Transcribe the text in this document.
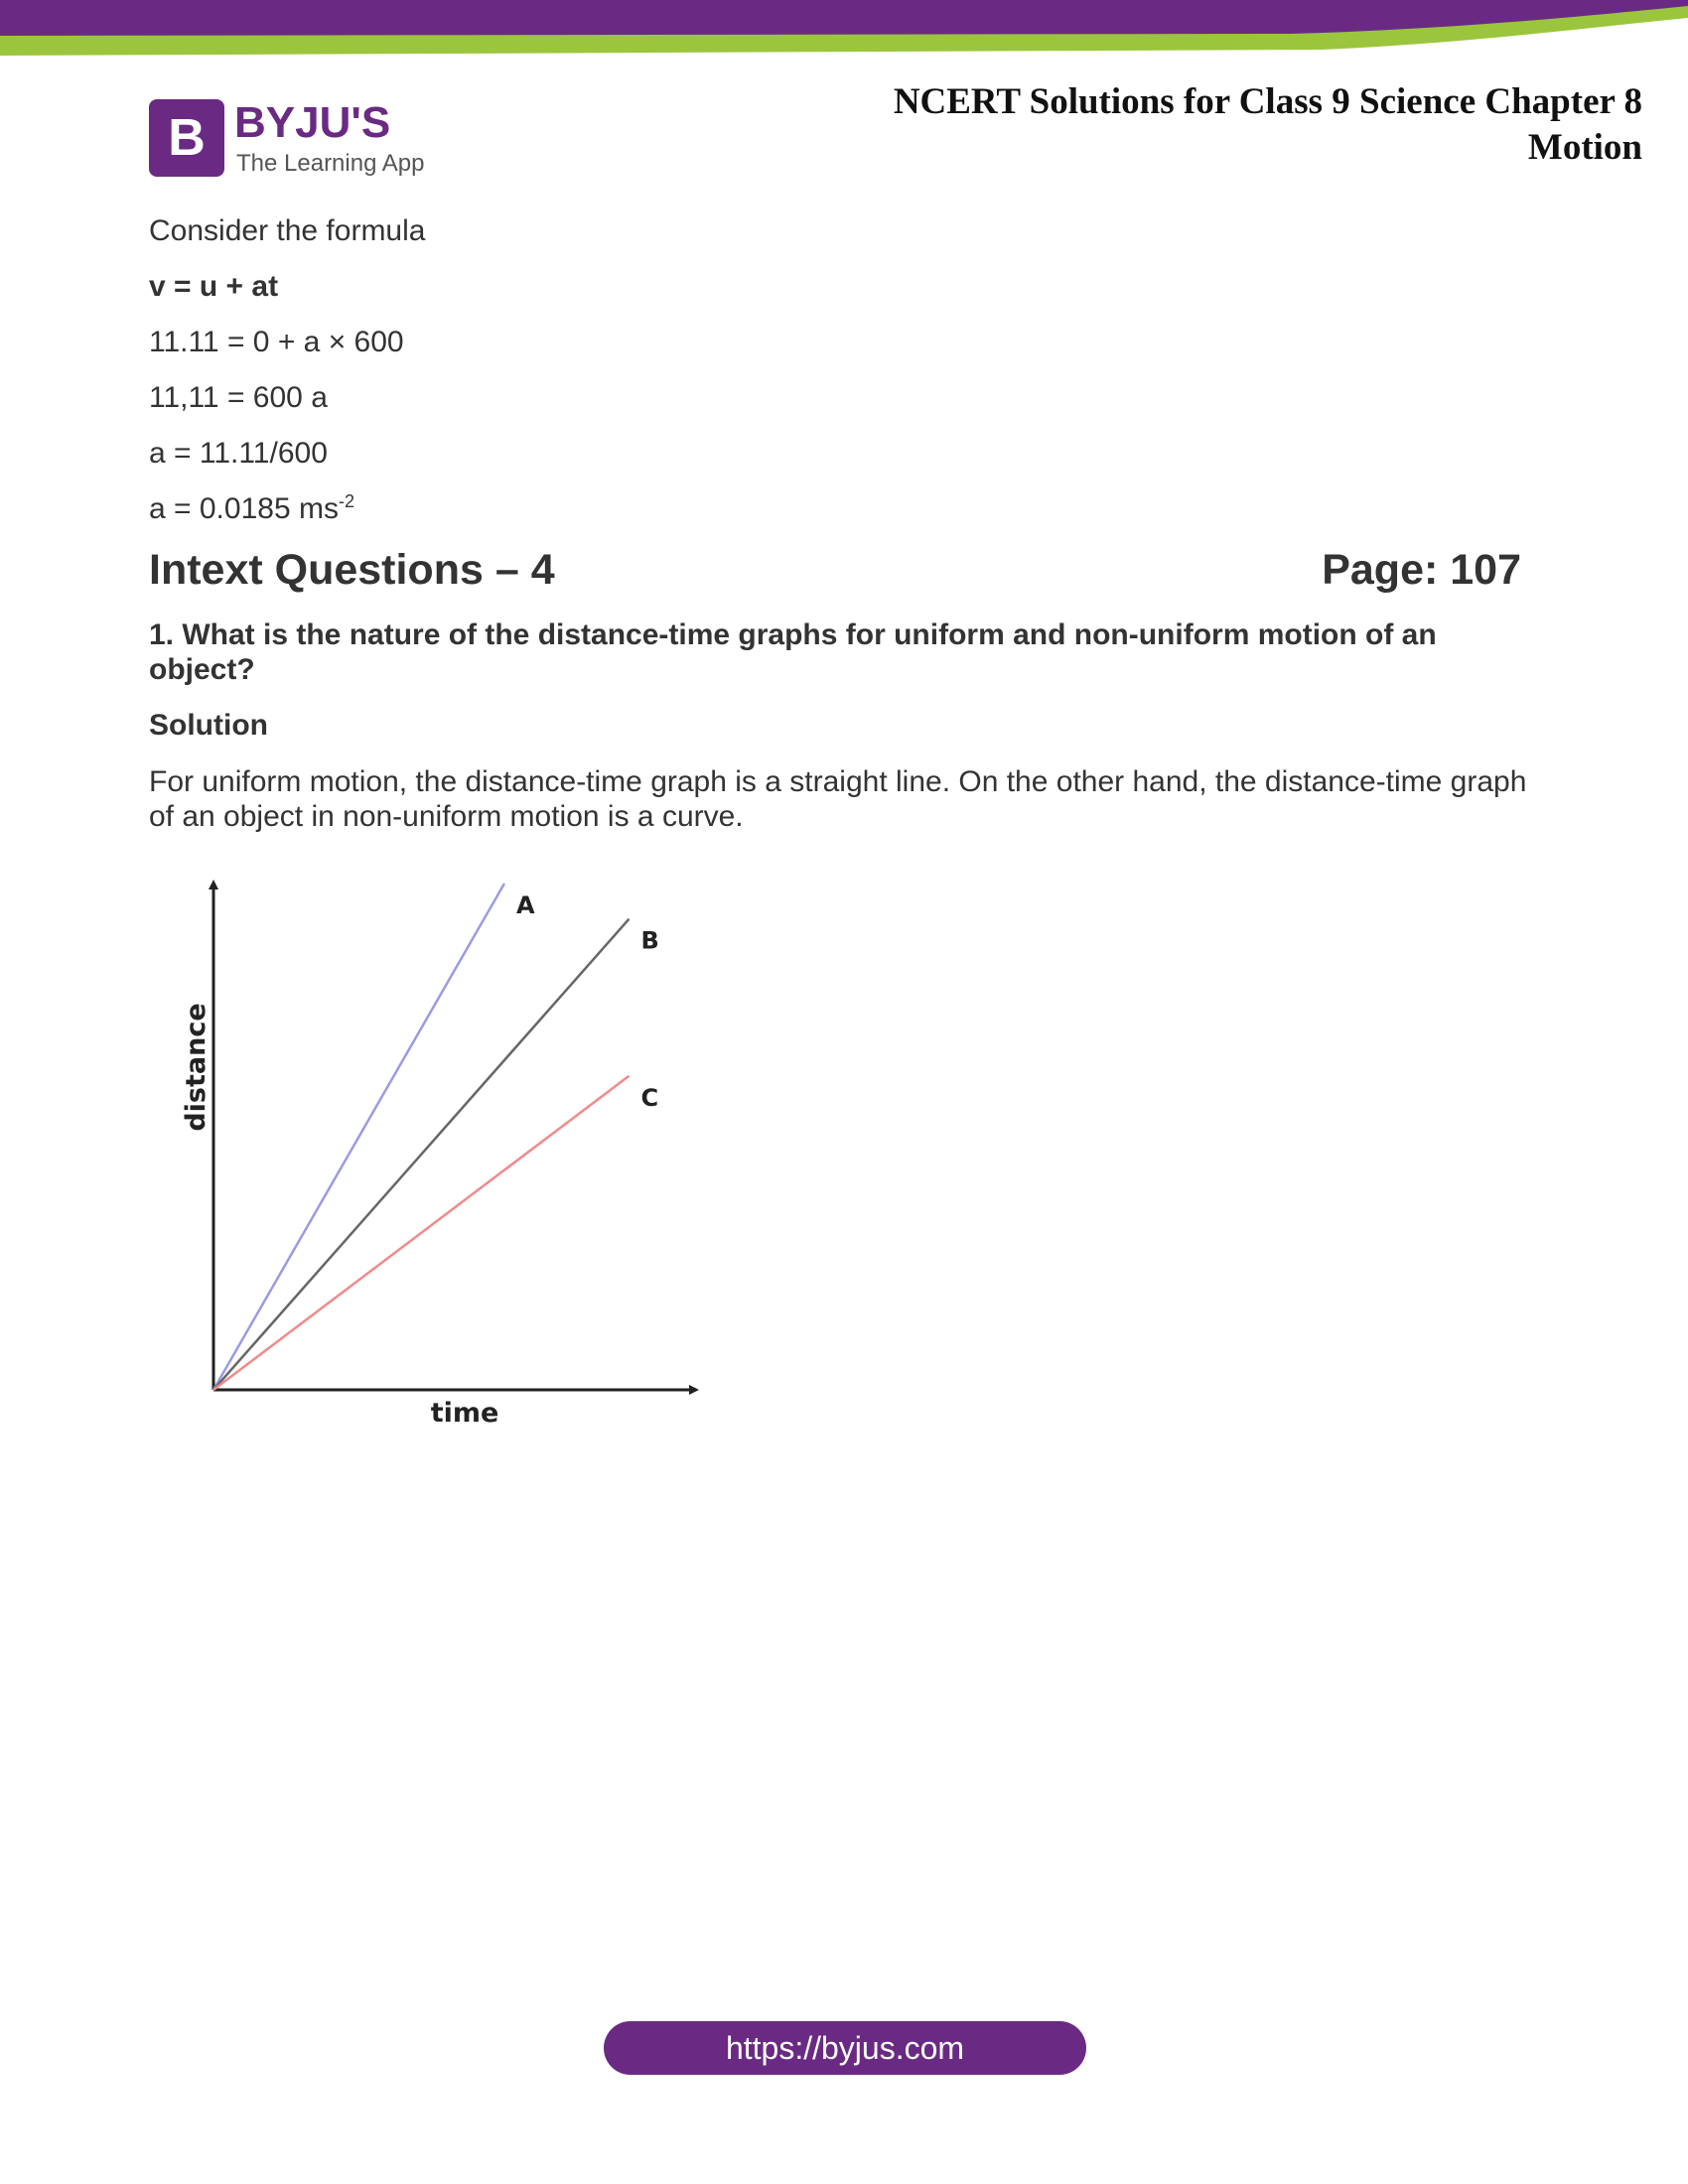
B BYJU'S
The Learning App
NCERT Solutions for Class 9 Science Chapter 8
Motion
Consider the formula
v = u + at
11.11 = 0 + a × 600
11,11 = 600 a
a = 11.11/600
a = 0.0185 $ms^{-2}$
Intext Questions – 4	Page: 107
1. What is the nature of the distance-time graphs for uniform and non-uniform motion of an object?
Solution
For uniform motion, the distance-time graph is a straight line. On the other hand, the distance-time graph of an object in non-uniform motion is a curve.
A
B
C
time
distance
https://byjus.com
